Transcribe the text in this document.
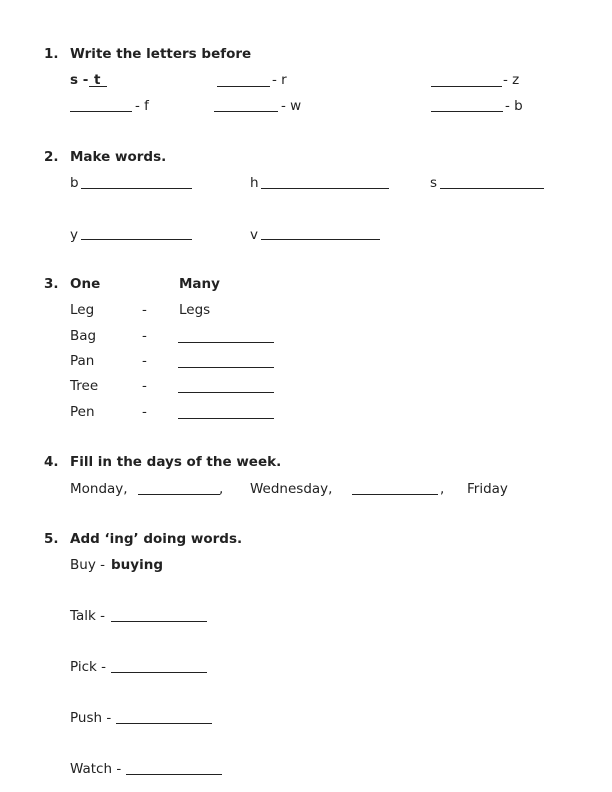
1. Write the letters before
s - t	- r	- z
- f	- w	- b
2. Make words.
b	h	s
y	v
3. One	Many
Leg	- Legs
Bag	-
Pan	-
Tree	-
Pen	-
4. Fill in the days of the week.
Monday,	, Wednesday,	, Friday
5. Add ‘ing’ doing words.
Buy - buying
Talk -
Pick -
Push -
Watch -
